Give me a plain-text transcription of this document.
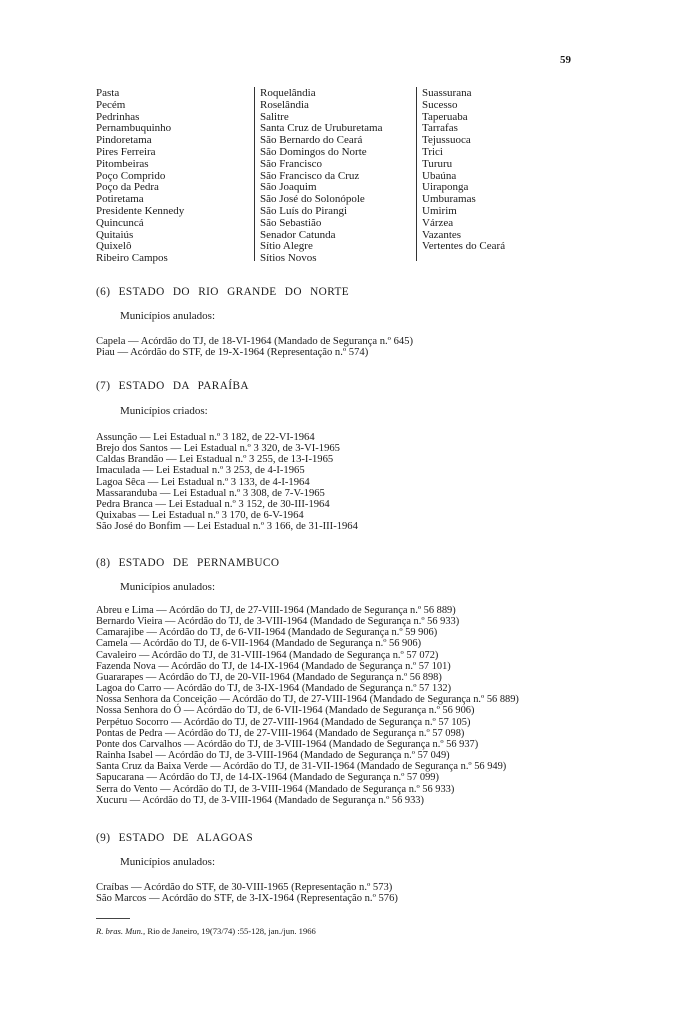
59
Pasta
Pecém
Pedrinhas
Pernambuquinho
Pindoretama
Pires Ferreira
Pitombeiras
Poço Comprido
Poço da Pedra
Potiretama
Presidente Kennedy
Quincuncá
Quitaiús
Quixelô
Ribeiro Campos
Roquelândia
Roselândia
Salitre
Santa Cruz de Uruburetama
São Bernardo do Ceará
São Domingos do Norte
São Francisco
São Francisco da Cruz
São Joaquim
São José do Solonópole
São Luís do Pirangi
São Sebastião
Senador Catunda
Sítio Alegre
Sítios Novos
Suassurana
Sucesso
Taperuaba
Tarrafas
Tejussuoca
Trici
Tururu
Ubaúna
Uiraponga
Umburamas
Umirim
Várzea
Vazantes
Vertentes do Ceará
(6) ESTADO DO RIO GRANDE DO NORTE
Municípios anulados:
Capela — Acórdão do TJ, de 18-VI-1964 (Mandado de Segurança n.º 645)
Piau — Acórdão do STF, de 19-X-1964 (Representação n.º 574)
(7) ESTADO DA PARAÍBA
Municípios criados:
Assunção — Lei Estadual n.º 3 182, de 22-VI-1964
Brejo dos Santos — Lei Estadual n.º 3 320, de 3-VI-1965
Caldas Brandão — Lei Estadual n.º 3 255, de 13-I-1965
Imaculada — Lei Estadual n.º 3 253, de 4-I-1965
Lagoa Sêca — Lei Estadual n.º 3 133, de 4-I-1964
Massaranduba — Lei Estadual n.º 3 308, de 7-V-1965
Pedra Branca — Lei Estadual n.º 3 152, de 30-III-1964
Quixabas — Lei Estadual n.º 3 170, de 6-V-1964
São José do Bonfim — Lei Estadual n.º 3 166, de 31-III-1964
(8) ESTADO DE PERNAMBUCO
Municípios anulados:
Abreu e Lima — Acórdão do TJ, de 27-VIII-1964 (Mandado de Segurança n.º 56 889)
Bernardo Vieira — Acórdão do TJ, de 3-VIII-1964 (Mandado de Segurança n.º 56 933)
Camarajibe — Acórdão do TJ, de 6-VII-1964 (Mandado de Segurança n.º 59 906)
Camela — Acórdão do TJ, de 6-VII-1964 (Mandado de Segurança n.º 56 906)
Cavaleiro — Acórdão do TJ, de 31-VIII-1964 (Mandado de Segurança n.º 57 072)
Fazenda Nova — Acórdão do TJ, de 14-IX-1964 (Mandado de Segurança n.º 57 101)
Guararapes — Acórdão do TJ, de 20-VII-1964 (Mandado de Segurança n.º 56 898)
Lagoa do Carro — Acórdão do TJ, de 3-IX-1964 (Mandado de Segurança n.º 57 132)
Nossa Senhora da Conceição — Acórdão do TJ, de 27-VIII-1964 (Mandado de Segurança n.º 56 889)
Nossa Senhora do Ó — Acórdão do TJ, de 6-VII-1964 (Mandado de Segurança n.º 56 906)
Perpétuo Socorro — Acórdão do TJ, de 27-VIII-1964 (Mandado de Segurança n.º 57 105)
Pontas de Pedra — Acórdão do TJ, de 27-VIII-1964 (Mandado de Segurança n.º 57 098)
Ponte dos Carvalhos — Acórdão do TJ, de 3-VIII-1964 (Mandado de Segurança n.º 56 937)
Rainha Isabel — Acórdão do TJ, de 3-VIII-1964 (Mandado de Segurança n.º 57 049)
Santa Cruz da Baixa Verde — Acórdão do TJ, de 31-VII-1964 (Mandado de Segurança n.º 56 949)
Sapucarana — Acórdão do TJ, de 14-IX-1964 (Mandado de Segurança n.º 57 099)
Serra do Vento — Acórdão do TJ, de 3-VIII-1964 (Mandado de Segurança n.º 56 933)
Xucuru — Acórdão do TJ, de 3-VIII-1964 (Mandado de Segurança n.º 56 933)
(9) ESTADO DE ALAGOAS
Municípios anulados:
Craíbas — Acórdão do STF, de 30-VIII-1965 (Representação n.º 573)
São Marcos — Acórdão do STF, de 3-IX-1964 (Representação n.º 576)
R. bras. Mun., Rio de Janeiro, 19(73/74) :55-128, jan./jun. 1966
